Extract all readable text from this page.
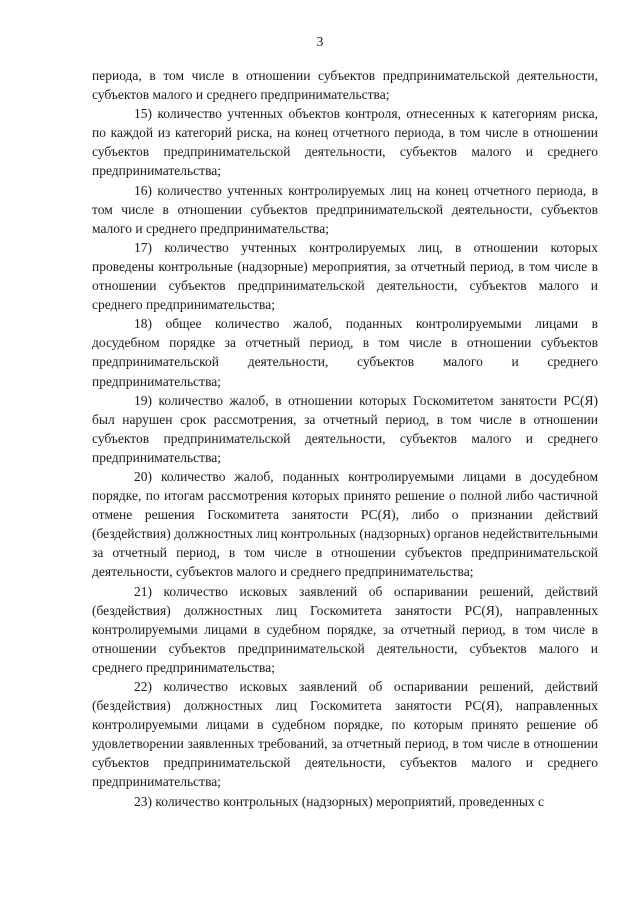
3

периода, в том числе в отношении субъектов предпринимательской деятельности, субъектов малого и среднего предпринимательства;

15) количество учтенных объектов контроля, отнесенных к категориям риска, по каждой из категорий риска, на конец отчетного периода, в том числе в отношении субъектов предпринимательской деятельности, субъектов малого и среднего предпринимательства;

16) количество учтенных контролируемых лиц на конец отчетного периода, в том числе в отношении субъектов предпринимательской деятельности, субъектов малого и среднего предпринимательства;

17) количество учтенных контролируемых лиц, в отношении которых проведены контрольные (надзорные) мероприятия, за отчетный период, в том числе в отношении субъектов предпринимательской деятельности, субъектов малого и среднего предпринимательства;

18) общее количество жалоб, поданных контролируемыми лицами в досудебном порядке за отчетный период, в том числе в отношении субъектов предпринимательской деятельности, субъектов малого и среднего предпринимательства;

19) количество жалоб, в отношении которых Госкомитетом занятости РС(Я) был нарушен срок рассмотрения, за отчетный период, в том числе в отношении субъектов предпринимательской деятельности, субъектов малого и среднего предпринимательства;

20) количество жалоб, поданных контролируемыми лицами в досудебном порядке, по итогам рассмотрения которых принято решение о полной либо частичной отмене решения Госкомитета занятости РС(Я), либо о признании действий (бездействия) должностных лиц контрольных (надзорных) органов недействительными за отчетный период, в том числе в отношении субъектов предпринимательской деятельности, субъектов малого и среднего предпринимательства;

21) количество исковых заявлений об оспаривании решений, действий (бездействия) должностных лиц Госкомитета занятости РС(Я), направленных контролируемыми лицами в судебном порядке, за отчетный период, в том числе в отношении субъектов предпринимательской деятельности, субъектов малого и среднего предпринимательства;

22) количество исковых заявлений об оспаривании решений, действий (бездействия) должностных лиц Госкомитета занятости РС(Я), направленных контролируемыми лицами в судебном порядке, по которым принято решение об удовлетворении заявленных требований, за отчетный период, в том числе в отношении субъектов предпринимательской деятельности, субъектов малого и среднего предпринимательства;

23) количество контрольных (надзорных) мероприятий, проведенных с
